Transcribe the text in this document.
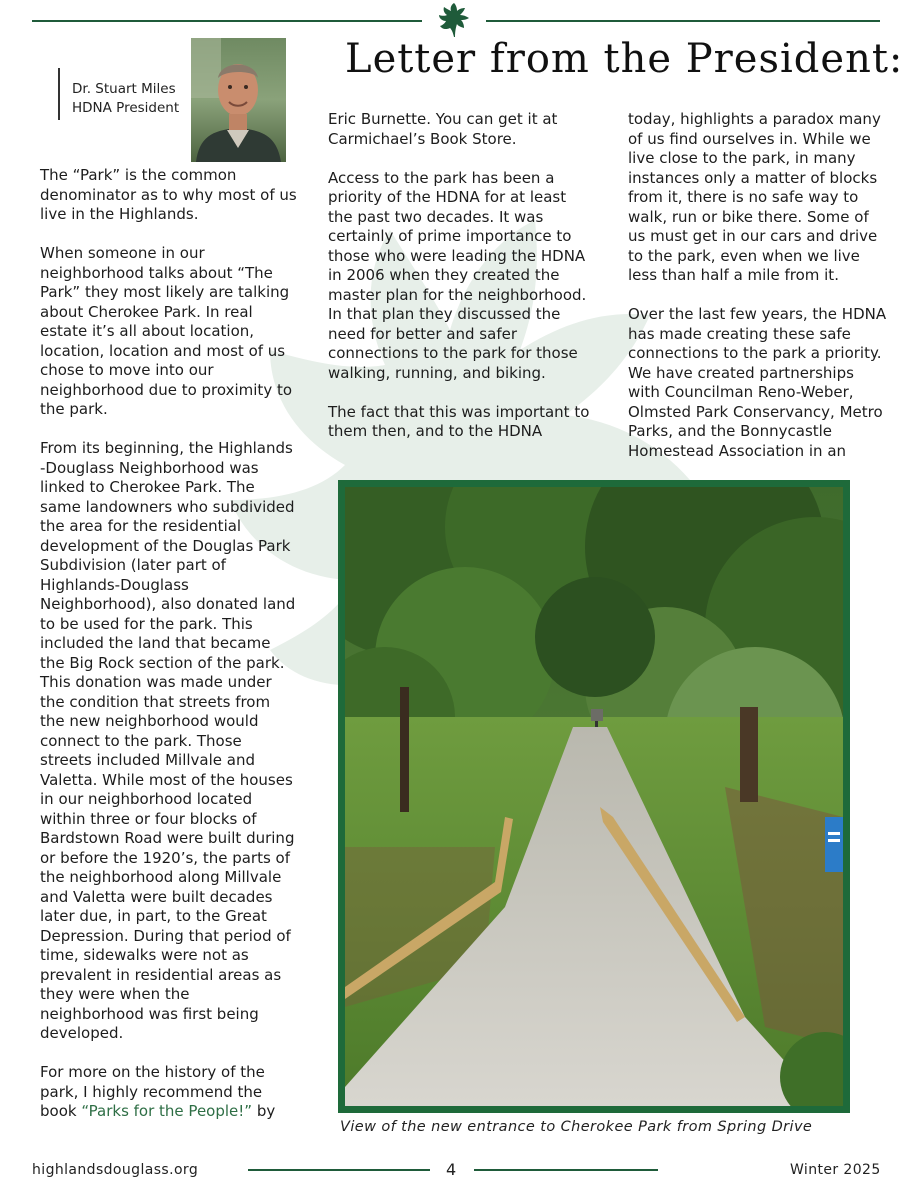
Letter from the President:
Dr. Stuart Miles
HDNA President

The “Park” is the common denominator as to why most of us live in the Highlands.

When someone in our neighborhood talks about “The Park” they most likely are talking about Cherokee Park. In real estate it’s all about location, location, location and most of us chose to move into our neighborhood due to proximity to the park.

From its beginning, the Highlands -Douglass Neighborhood was linked to Cherokee Park. The same landowners who subdivided the area for the residential development of the Douglas Park Subdivision (later part of Highlands-Douglass Neighborhood), also donated land to be used for the park. This included the land that became the Big Rock section of the park. This donation was made under the condition that streets from the new neighborhood would connect to the park. Those streets included Millvale and Valetta. While most of the houses in our neighborhood located within three or four blocks of Bardstown Road were built during or before the 1920’s, the parts of the neighborhood along Millvale and Valetta were built decades later due, in part, to the Great Depression. During that period of time, sidewalks were not as prevalent in residential areas as they were when the neighborhood was first being developed.

For more on the history of the park, I highly recommend the book “Parks for the People!” by

Eric Burnette. You can get it at Carmichael’s Book Store.

Access to the park has been a priority of the HDNA for at least the past two decades. It was certainly of prime importance to those who were leading the HDNA in 2006 when they created the master plan for the neighborhood. In that plan they discussed the need for better and safer connections to the park for those walking, running, and biking.

The fact that this was important to them then, and to the HDNA

today, highlights a paradox many of us find ourselves in. While we live close to the park, in many instances only a matter of blocks from it, there is no safe way to walk, run or bike there. Some of us must get in our cars and drive to the park, even when we live less than half a mile from it.

Over the last few years, the HDNA has made creating these safe connections to the park a priority. We have created partnerships with Councilman Reno-Weber, Olmsted Park Conservancy, Metro Parks, and the Bonnycastle Homestead Association in an

View of the new entrance to Cherokee Park from Spring Drive
highlandsdouglass.org	4	Winter 2025
